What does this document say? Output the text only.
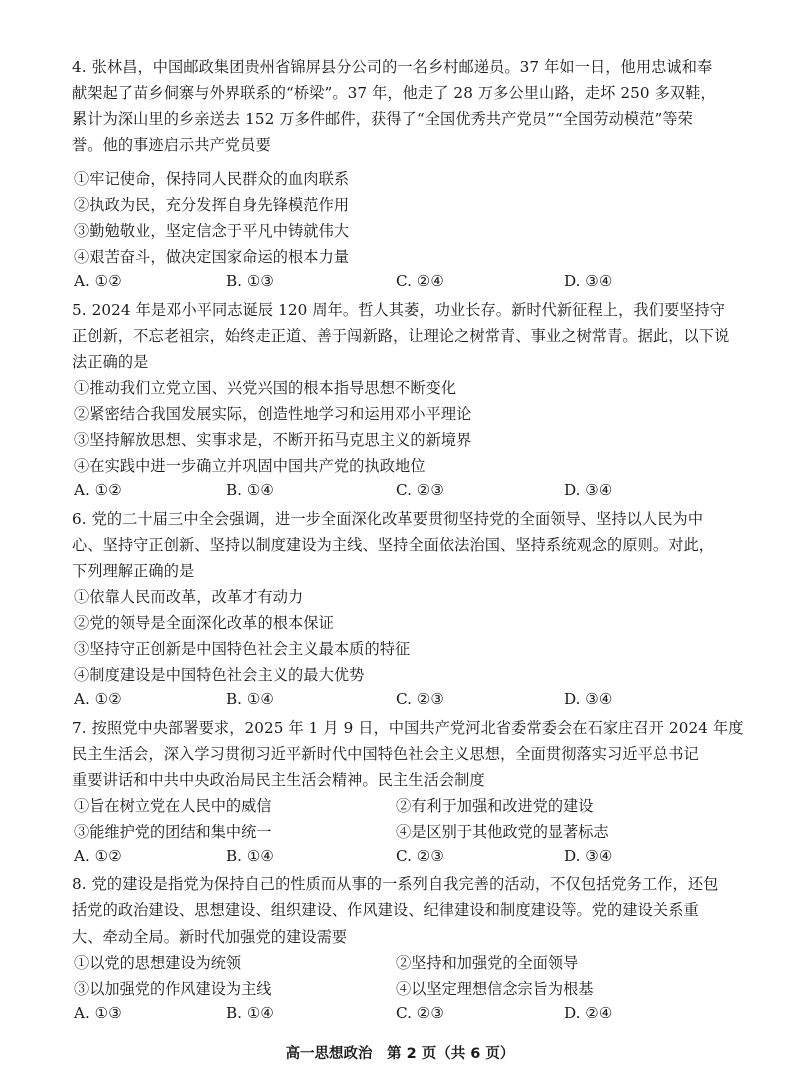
4. 张林昌，中国邮政集团贵州省锦屏县分公司的一名乡村邮递员。37 年如一日，他用忠诚和奉
献架起了苗乡侗寨与外界联系的“桥梁”。37 年，他走了 28 万多公里山路，走坏 250 多双鞋，
累计为深山里的乡亲送去 152 万多件邮件，获得了“全国优秀共产党员”“全国劳动模范”等荣
誉。他的事迹启示共产党员要
①牢记使命，保持同人民群众的血肉联系
②执政为民，充分发挥自身先锋模范作用
③勤勉敬业，坚定信念于平凡中铸就伟大
④艰苦奋斗，做决定国家命运的根本力量
A. ①②	B. ①③	C. ②④	D. ③④
5. 2024 年是邓小平同志诞辰 120 周年。哲人其萎，功业长存。新时代新征程上，我们要坚持守
正创新，不忘老祖宗，始终走正道、善于闯新路，让理论之树常青、事业之树常青。据此，以下说
法正确的是
①推动我们立党立国、兴党兴国的根本指导思想不断变化
②紧密结合我国发展实际，创造性地学习和运用邓小平理论
③坚持解放思想、实事求是，不断开拓马克思主义的新境界
④在实践中进一步确立并巩固中国共产党的执政地位
A. ①②	B. ①④	C. ②③	D. ③④
6. 党的二十届三中全会强调，进一步全面深化改革要贯彻坚持党的全面领导、坚持以人民为中
心、坚持守正创新、坚持以制度建设为主线、坚持全面依法治国、坚持系统观念的原则。对此，
下列理解正确的是
①依靠人民而改革，改革才有动力
②党的领导是全面深化改革的根本保证
③坚持守正创新是中国特色社会主义最本质的特征
④制度建设是中国特色社会主义的最大优势
A. ①②	B. ①④	C. ②③	D. ③④
7. 按照党中央部署要求，2025 年 1 月 9 日，中国共产党河北省委常委会在石家庄召开 2024 年度
民主生活会，深入学习贯彻习近平新时代中国特色社会主义思想，全面贯彻落实习近平总书记
重要讲话和中共中央政治局民主生活会精神。民主生活会制度
①旨在树立党在人民中的威信	②有利于加强和改进党的建设
③能维护党的团结和集中统一	④是区别于其他政党的显著标志
A. ①②	B. ①④	C. ②③	D. ③④
8. 党的建设是指党为保持自己的性质而从事的一系列自我完善的活动，不仅包括党务工作，还包
括党的政治建设、思想建设、组织建设、作风建设、纪律建设和制度建设等。党的建设关系重
大、牵动全局。新时代加强党的建设需要
①以党的思想建设为统领	②坚持和加强党的全面领导
③以加强党的作风建设为主线	④以坚定理想信念宗旨为根基
A. ①③	B. ①④	C. ②③	D. ②④
高一思想政治　第 2 页（共 6 页）
